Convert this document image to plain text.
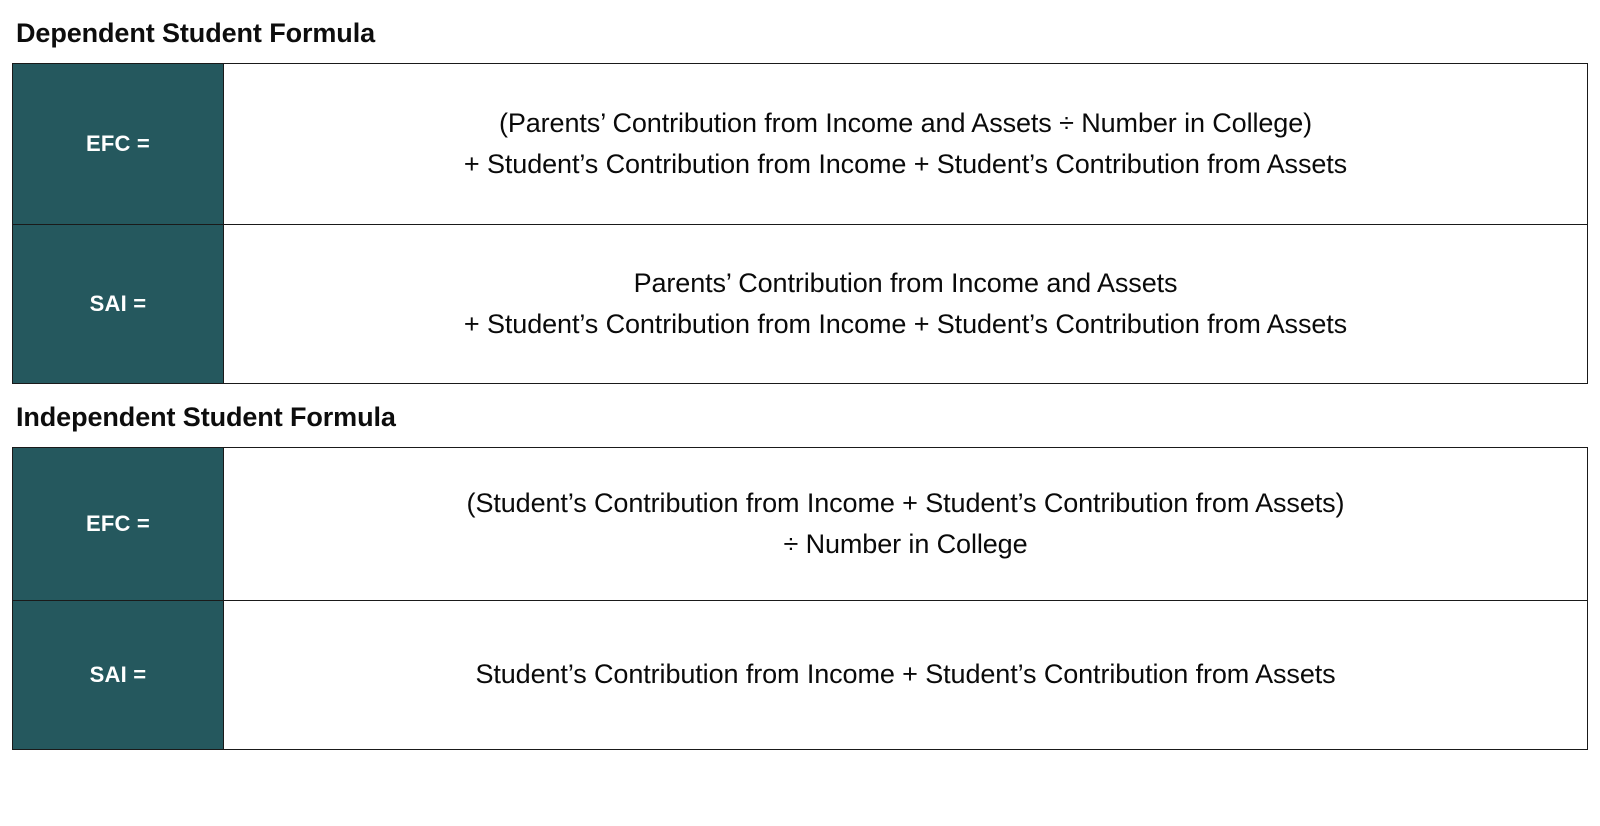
Dependent Student Formula
EFC =	(Parents’ Contribution from Income and Assets ÷ Number in College)
+ Student’s Contribution from Income + Student’s Contribution from Assets

SAI =	Parents’ Contribution from Income and Assets
+ Student’s Contribution from Income + Student’s Contribution from Assets
Independent Student Formula
EFC =	(Student’s Contribution from Income + Student’s Contribution from Assets)
÷ Number in College

SAI =	Student’s Contribution from Income + Student’s Contribution from Assets
